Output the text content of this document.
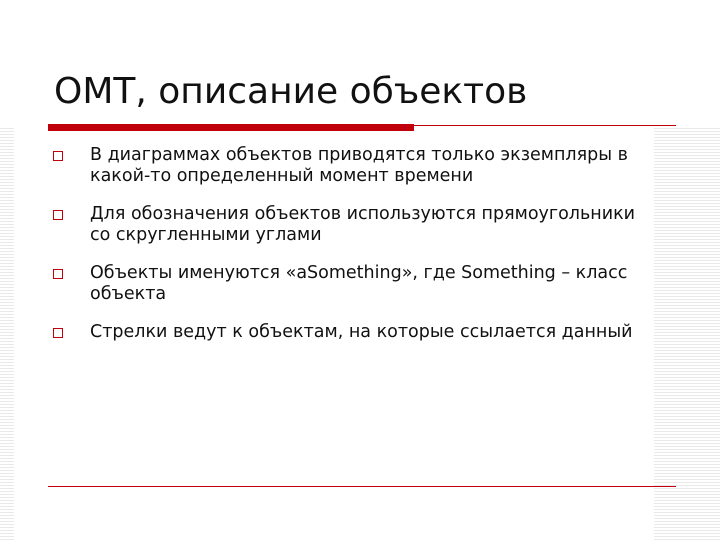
ОМТ, описание объектов
В диаграммах объектов приводятся только экземпляры в какой-то определенный момент времени
Для обозначения объектов используются прямоугольники со скругленными углами
Объекты именуются «aSomething», где Something – класс объекта
Стрелки ведут к объектам, на которые ссылается данный
